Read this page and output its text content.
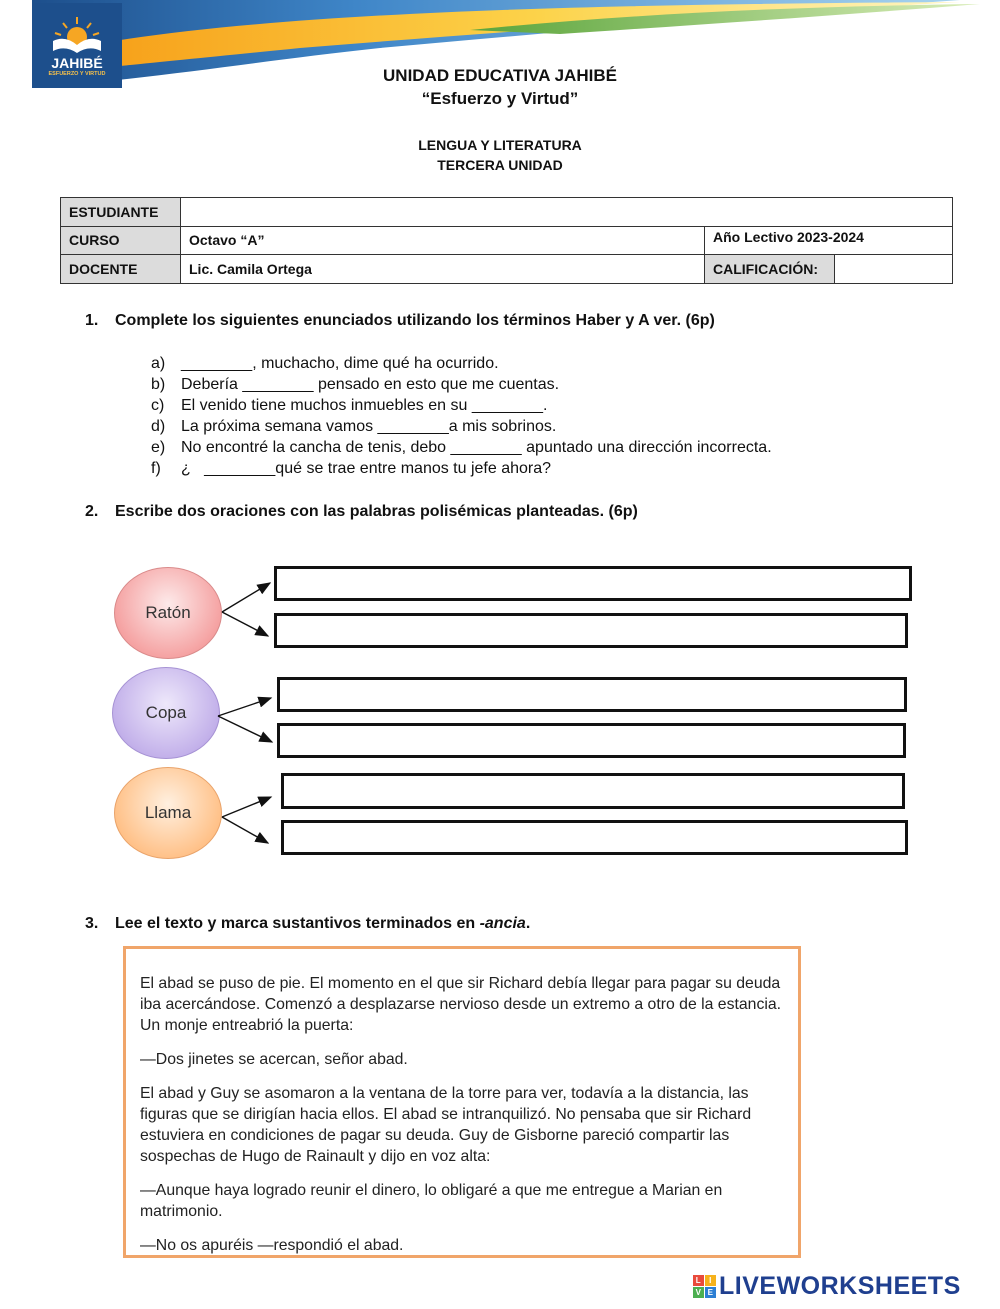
JAHIBÉ
ESFUERZO Y VIRTUD	UNIDAD EDUCATIVA JAHIBÉ
“Esfuerzo y Virtud”
LENGUA Y LITERATURA
TERCERA UNIDAD
ESTUDIANTE			
CURSO	Octavo “A”	Año Lectivo 2023-2024	
DOCENTE	Lic. Camila Ortega	CALIFICACIÓN:	
1. Complete los siguientes enunciados utilizando los términos Haber y A ver. (6p)
a) ________, muchacho, dime qué ha ocurrido.
b) Debería ________ pensado en esto que me cuentas.
c) El venido tiene muchos inmuebles en su ________.
d) La próxima semana vamos ________a mis sobrinos.
e) No encontré la cancha de tenis, debo ________ apuntado una dirección incorrecta.
f) ¿   ________qué se trae entre manos tu jefe ahora?
2. Escribe dos oraciones con las palabras polisémicas planteadas. (6p)
Ratón
Copa
Llama
3. Lee el texto y marca sustantivos terminados en -ancia.

El abad se puso de pie. El momento en el que sir Richard debía llegar para pagar su deuda iba acercándose. Comenzó a desplazarse nervioso desde un extremo a otro de la estancia. Un monje entreabrió la puerta:

—Dos jinetes se acercan, señor abad.

El abad y Guy se asomaron a la ventana de la torre para ver, todavía a la distancia, las figuras que se dirigían hacia ellos. El abad se intranquilizó. No pensaba que sir Richard estuviera en condiciones de pagar su deuda. Guy de Gisborne pareció compartir las sospechas de Hugo de Rainault y dijo en voz alta:

—Aunque haya logrado reunir el dinero, lo obligaré a que me entregue a Marian en matrimonio.

—No os apuréis —respondió el abad.

L I
V E LIVEWORKSHEETS
